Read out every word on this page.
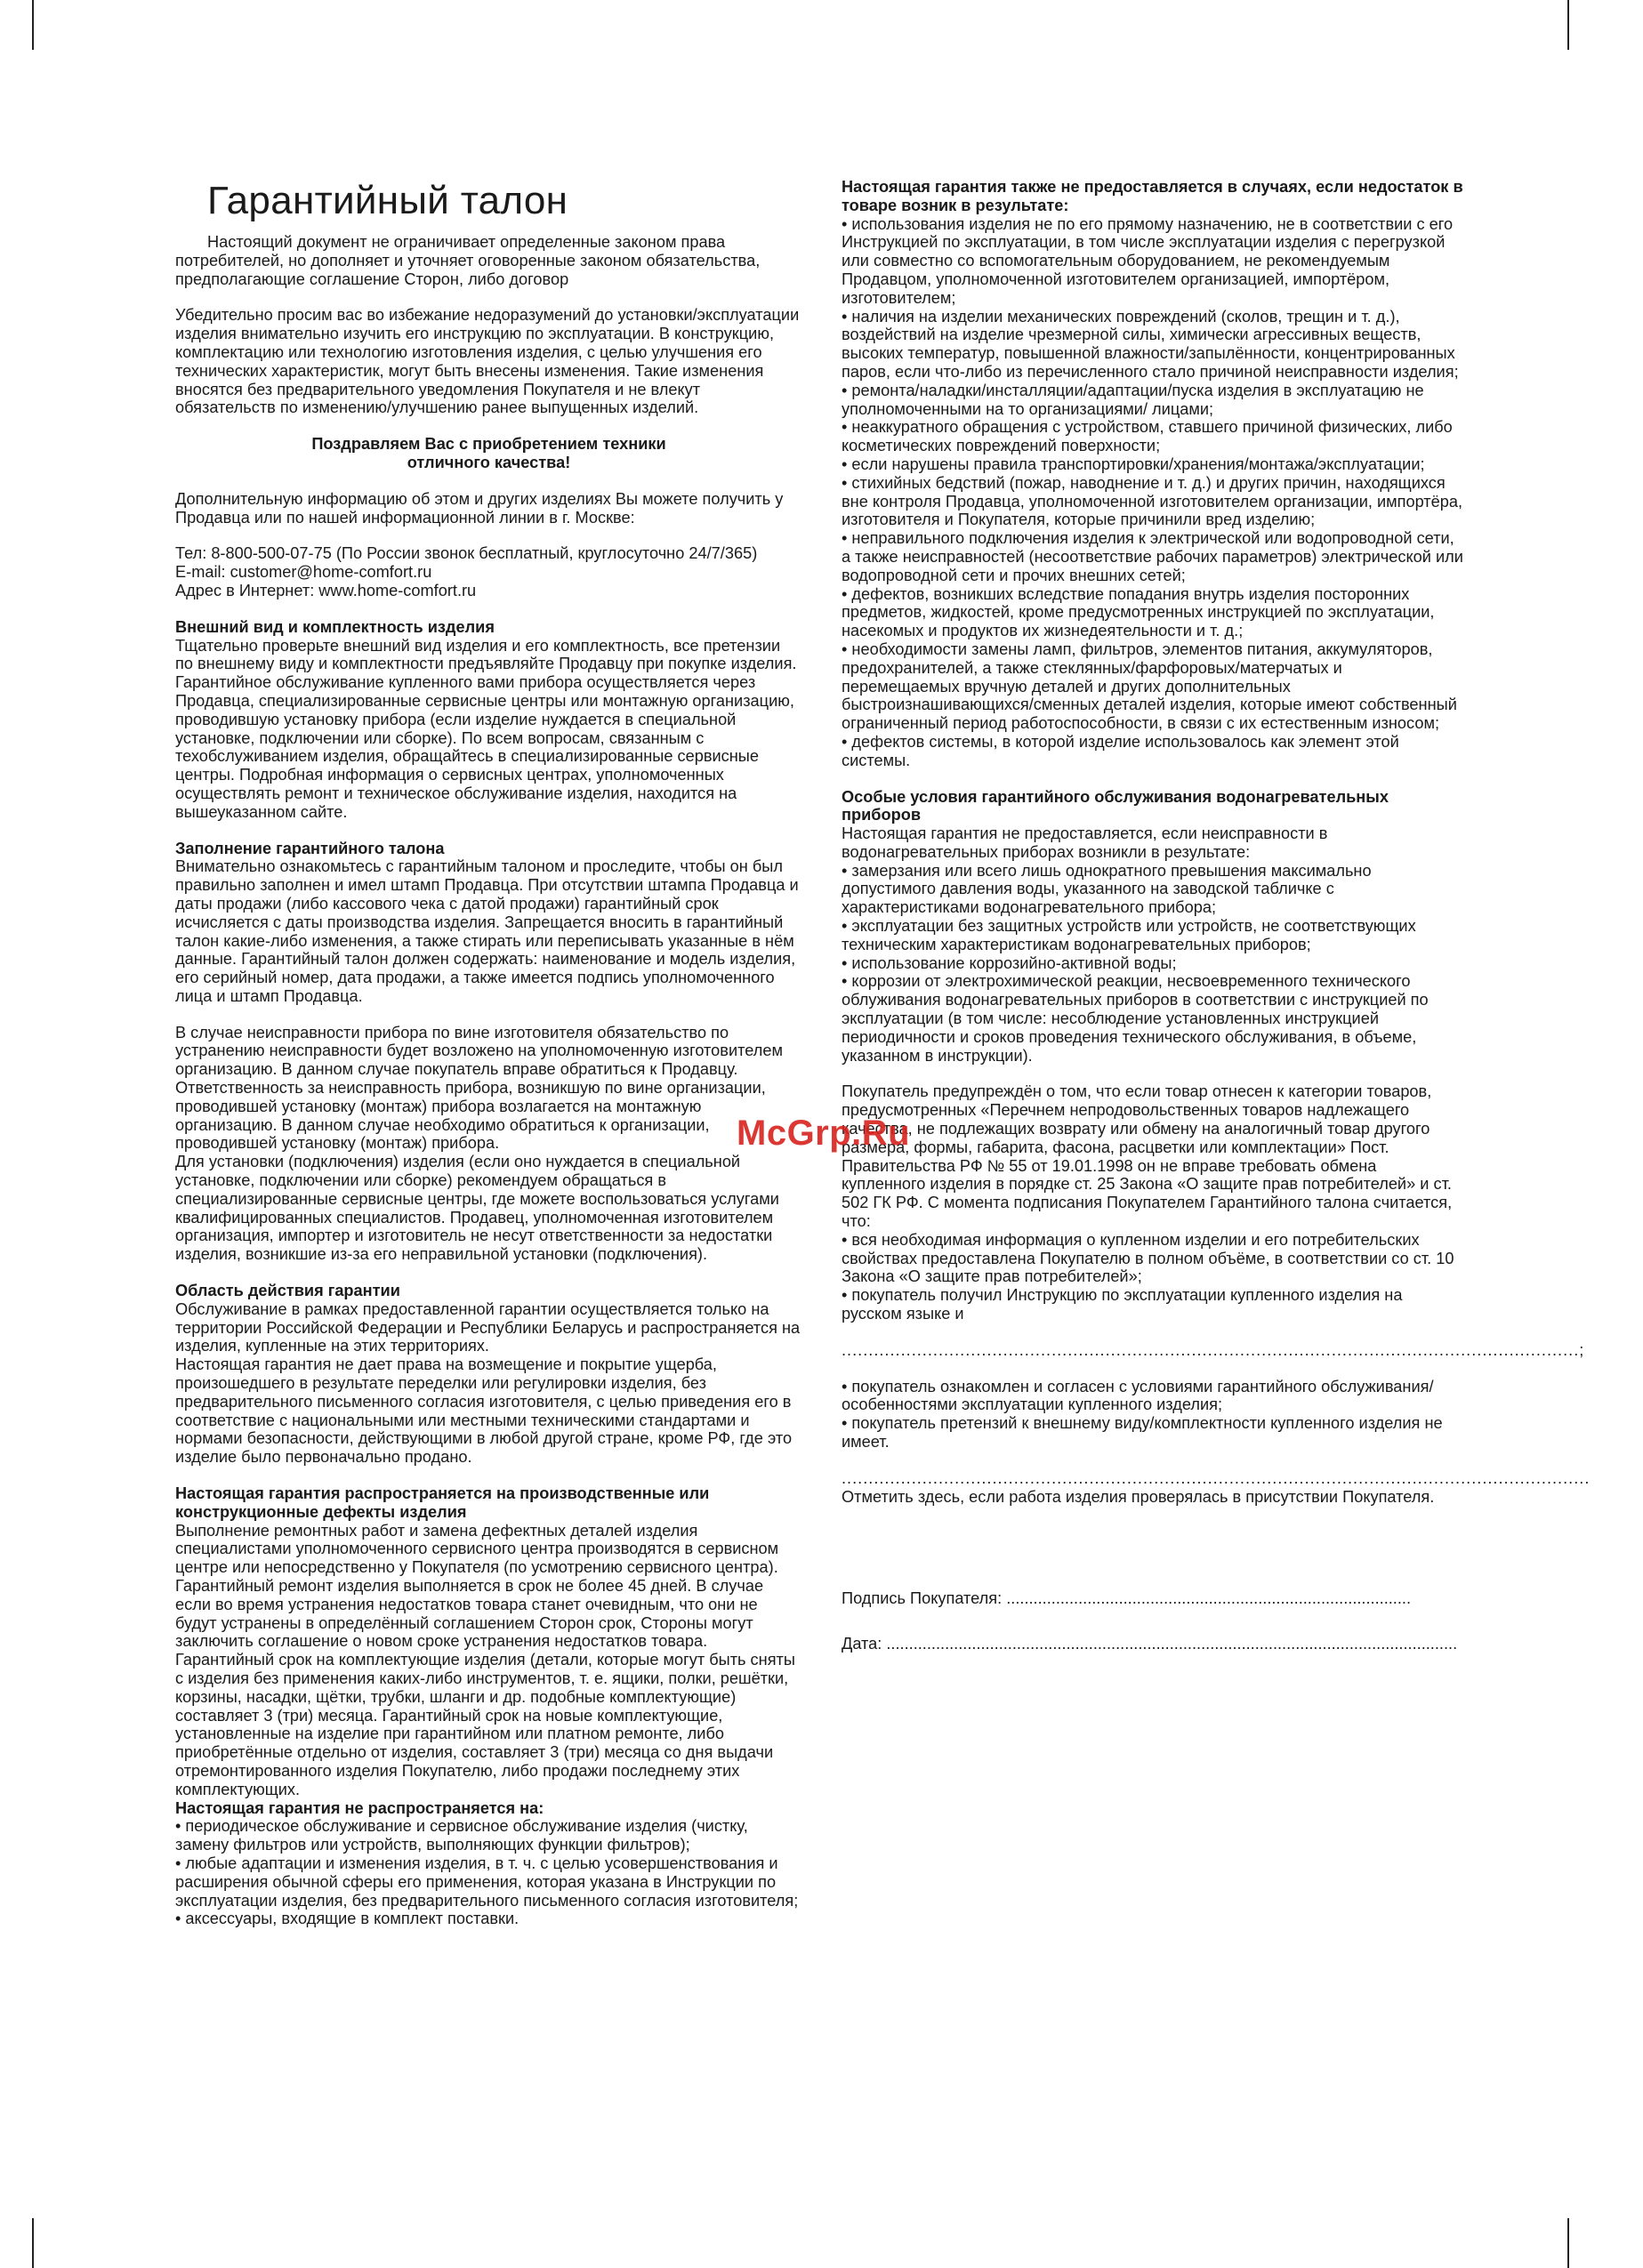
Гарантийный талон

Настоящий документ не ограничивает определенные законом права потребителей, но дополняет и уточняет оговоренные законом обязательства, предполагающие соглашение Сторон, либо договор

Убедительно просим вас во избежание недоразумений до установки/эксплуатации изделия внимательно изучить его инструкцию по эксплуатации. В конструкцию, комплектацию или технологию изготовления изделия, с целью улучшения его технических характеристик, могут быть внесены изменения. Такие изменения вносятся без предварительного уведомления Покупателя и не влекут обязательств по изменению/улучшению ранее выпущенных изделий.

Поздравляем Вас с приобретением техники отличного качества!

Дополнительную информацию об этом и других изделиях Вы можете получить у Продавца или по нашей информационной линии в г. Москве:

Тел: 8-800-500-07-75 (По России звонок бесплатный, круглосуточно 24/7/365)

E-mail: customer@home-comfort.ru

Адрес в Интернет: www.home-comfort.ru

Внешний вид и комплектность изделия

Тщательно проверьте внешний вид изделия и его комплектность, все претензии по внешнему виду и комплектности предъявляйте Продавцу при покупке изделия. Гарантийное обслуживание купленного вами прибора осуществляется через Продавца, специализированные сервисные центры или монтажную организацию, проводившую установку прибора (если изделие нуждается в специальной установке, подключении или сборке). По всем вопросам, связанным с техобслуживанием изделия, обращайтесь в специализированные сервисные центры. Подробная информация о сервисных центрах, уполномоченных осуществлять ремонт и техническое обслуживание изделия, находится на вышеуказанном сайте.

Заполнение гарантийного талона

Внимательно ознакомьтесь с гарантийным талоном и проследите, чтобы он был правильно заполнен и имел штамп Продавца. При отсутствии штампа Продавца и даты продажи (либо кассового чека с датой продажи) гарантийный срок исчисляется с даты производства изделия. Запрещается вносить в гарантийный талон какие-либо изменения, а также стирать или переписывать указанные в нём данные. Гарантийный талон должен содержать: наименование и модель изделия, его серийный номер, дата продажи, а также имеется подпись уполномоченного лица и штамп Продавца.

В случае неисправности прибора по вине изготовителя обязательство по устранению неисправности будет возложено на уполномоченную изготовителем организацию. В данном случае покупатель вправе обратиться к Продавцу.

Ответственность за неисправность прибора, возникшую по вине организации, проводившей установку (монтаж) прибора возлагается на монтажную организацию. В данном случае необходимо обратиться к организации, проводившей установку (монтаж) прибора.

Для установки (подключения) изделия (если оно нуждается в специальной установке, подключении или сборке) рекомендуем обращаться в специализированные сервисные центры, где можете воспользоваться услугами квалифицированных специалистов. Продавец, уполномоченная изготовителем организация, импортер и изготовитель не несут ответственности за недостатки изделия, возникшие из-за его неправильной установки (подключения).

Область действия гарантии

Обслуживание в рамках предоставленной гарантии осуществляется только на территории Российской Федерации и Республики Беларусь и распространяется на изделия, купленные на этих территориях.

Настоящая гарантия не дает права на возмещение и покрытие ущерба, произошедшего в результате переделки или регулировки изделия, без предварительного письменного согласия изготовителя, с целью приведения его в соответствие с национальными или местными техническими стандартами и нормами безопасности, действующими в любой другой стране, кроме РФ, где это изделие было первоначально продано.

Настоящая гарантия распространяется на производственные или конструкционные дефекты изделия

Выполнение ремонтных работ и замена дефектных деталей изделия специалистами уполномоченного сервисного центра производятся в сервисном центре или непосредственно у Покупателя (по усмотрению сервисного центра). Гарантийный ремонт изделия выполняется в срок не более 45 дней. В случае если во время устранения недостатков товара станет очевидным, что они не будут устранены в определённый соглашением Сторон срок, Стороны могут заключить соглашение о новом сроке устранения недостатков товара.

Гарантийный срок на комплектующие изделия (детали, которые могут быть сняты с изделия без применения каких-либо инструментов, т. е. ящики, полки, решётки, корзины, насадки, щётки, трубки, шланги и др. подобные комплектующие) составляет 3 (три) месяца. Гарантийный срок на новые комплектующие, установленные на изделие при гарантийном или платном ремонте, либо приобретённые отдельно от изделия, составляет 3 (три) месяца со дня выдачи отремонтированного изделия Покупателю, либо продажи последнему этих комплектующих.

Настоящая гарантия не распространяется на:

• периодическое обслуживание и сервисное обслуживание изделия (чистку, замену фильтров или устройств, выполняющих функции фильтров);

• любые адаптации и изменения изделия, в т. ч. с целью усовершенствования и расширения обычной сферы его применения, которая указана в Инструкции по эксплуатации изделия, без предварительного письменного согласия изготовителя;

• аксессуары, входящие в комплект поставки.

Настоящая гарантия также не предоставляется в случаях, если недостаток в товаре возник в результате:

• использования изделия не по его прямому назначению, не в соответствии с его Инструкцией по эксплуатации, в том числе эксплуатации изделия с перегрузкой или совместно со вспомогательным оборудованием, не рекомендуемым Продавцом, уполномоченной изготовителем организацией, импортёром, изготовителем;

• наличия на изделии механических повреждений (сколов, трещин и т. д.), воздействий на изделие чрезмерной силы, химически агрессивных веществ, высоких температур, повышенной влажности/запылённости, концентрированных паров, если что-либо из перечисленного стало причиной неисправности изделия;

• ремонта/наладки/инсталляции/адаптации/пуска изделия в эксплуатацию не уполномоченными на то организациями/ лицами;

• неаккуратного обращения с устройством, ставшего причиной физических, либо косметических повреждений поверхности;

• если нарушены правила транспортировки/хранения/монтажа/эксплуатации;

• стихийных бедствий (пожар, наводнение и т. д.) и других причин, находящихся вне контроля Продавца, уполномоченной изготовителем организации, импортёра, изготовителя и Покупателя, которые причинили вред изделию;

• неправильного подключения изделия к электрической или водопроводной сети, а также неисправностей (несоответствие рабочих параметров) электрической или водопроводной сети и прочих внешних сетей;

• дефектов, возникших вследствие попадания внутрь изделия посторонних предметов, жидкостей, кроме предусмотренных инструкцией по эксплуатации, насекомых и продуктов их жизнедеятельности и т. д.;

• необходимости замены ламп, фильтров, элементов питания, аккумуляторов, предохранителей, а также стеклянных/фарфоровых/матерчатых и перемещаемых вручную деталей и других дополнительных быстроизнашивающихся/сменных деталей изделия, которые имеют собственный ограниченный период работоспособности, в связи с их естественным износом;

• дефектов системы, в которой изделие использовалось как элемент этой системы.

Особые условия гарантийного обслуживания водонагревательных приборов

Настоящая гарантия не предоставляется, если неисправности в водонагревательных приборах возникли в результате:

• замерзания или всего лишь однократного превышения максимально допустимого давления воды, указанного на заводской табличке с характеристиками водонагревательного прибора;

• эксплуатации без защитных устройств или устройств, не соответствующих техническим характеристикам водонагревательных приборов;

• использование коррозийно-активной воды;

• коррозии от электрохимической реакции, несвоевременного технического облуживания водонагревательных приборов в соответствии с инструкцией по эксплуатации (в том числе: несоблюдение установленных инструкцией периодичности и сроков проведения технического обслуживания, в объеме, указанном в инструкции).

Покупатель предупреждён о том, что если товар отнесен к категории товаров, предусмотренных «Перечнем непродовольственных товаров надлежащего качества, не подлежащих возврату или обмену на аналогичный товар другого размера, формы, габарита, фасона, расцветки или комплектации» Пост. Правительства РФ № 55 от 19.01.1998 он не вправе требовать обмена купленного изделия в порядке ст. 25 Закона «О защите прав потребителей» и ст. 502 ГК РФ. С момента подписания Покупателем Гарантийного талона считается, что:

• вся необходимая информация о купленном изделии и его потребительских свойствах предоставлена Покупателю в полном объёме, в соответствии со ст. 10 Закона «О защите прав потребителей»;

• покупатель получил Инструкцию по эксплуатации купленного изделия на русском языке и

.........................................................................................................................................;

• покупатель ознакомлен и согласен с условиями гарантийного обслуживания/особенностями эксплуатации купленного изделия;

• покупатель претензий к внешнему виду/комплектности купленного изделия не имеет.

...........................................................................................................................................

Отметить здесь, если работа изделия проверялась в присутствии Покупателя.

Подпись Покупателя: ..........................................................................................

Дата: ...............................................................................................................................

McGrp.Ru
